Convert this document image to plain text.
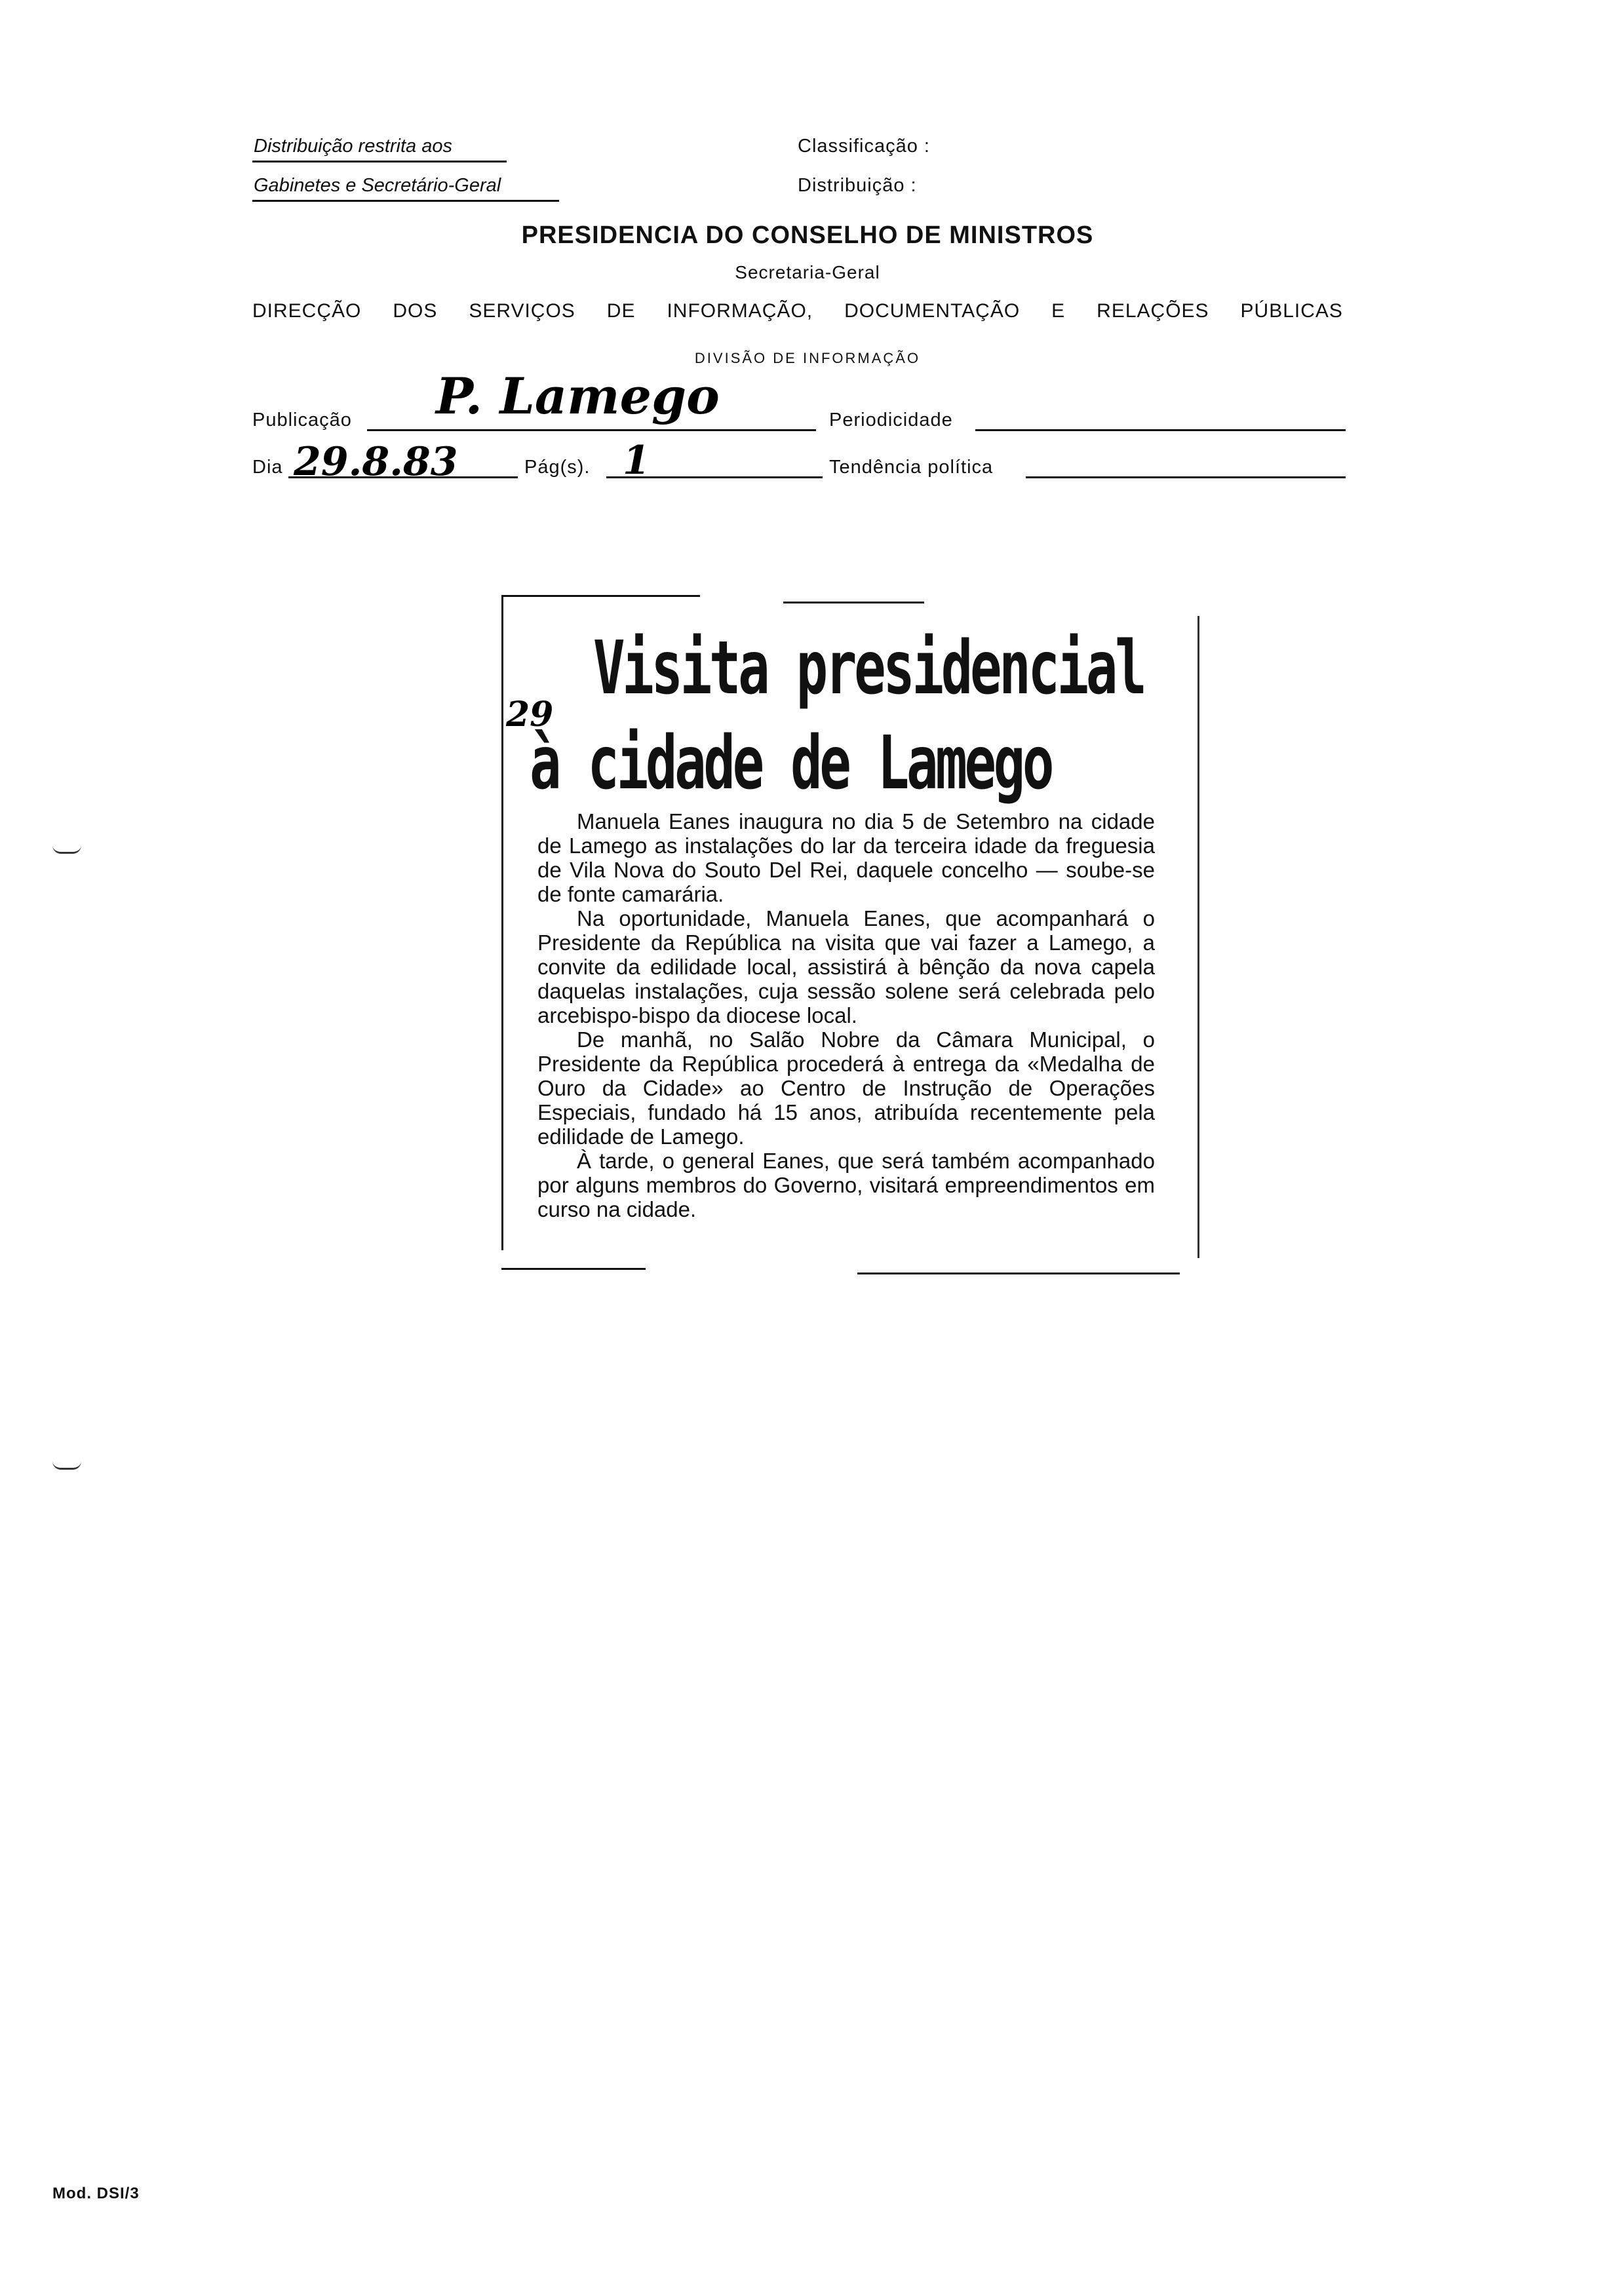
Distribuição restrita aos
Gabinetes e Secretário-Geral
Classificação :
Distribuição :
PRESIDENCIA DO CONSELHO DE MINISTROS
Secretaria-Geral
DIRECÇÃO DOS SERVIÇOS DE INFORMAÇÃO, DOCUMENTAÇÃO E RELAÇÕES PÚBLICAS
DIVISÃO DE INFORMAÇÃO
Publicação P. Lamego	Periodicidade
Dia 29.8.83	Pág(s). 1	Tendência política
29
Visita presidencial
à cidade de Lamego

Manuela Eanes inaugura no dia 5 de Setembro na cidade de Lamego as instalações do lar da terceira idade da freguesia de Vila Nova do Souto Del Rei, daquele concelho — soube-se de fonte camarária.

Na oportunidade, Manuela Eanes, que acompanhará o Presidente da República na visita que vai fazer a Lamego, a convite da edilidade local, assistirá à bênção da nova capela daquelas instalações, cuja sessão solene será celebrada pelo arcebispo-bispo da diocese local.

De manhã, no Salão Nobre da Câmara Municipal, o Presidente da República procederá à entrega da «Medalha de Ouro da Cidade» ao Centro de Instrução de Operações Especiais, fundado há 15 anos, atribuída recentemente pela edilidade de Lamego.

À tarde, o general Eanes, que será também acompanhado por alguns membros do Governo, visitará empreendimentos em curso na cidade.

Mod. DSI/3
